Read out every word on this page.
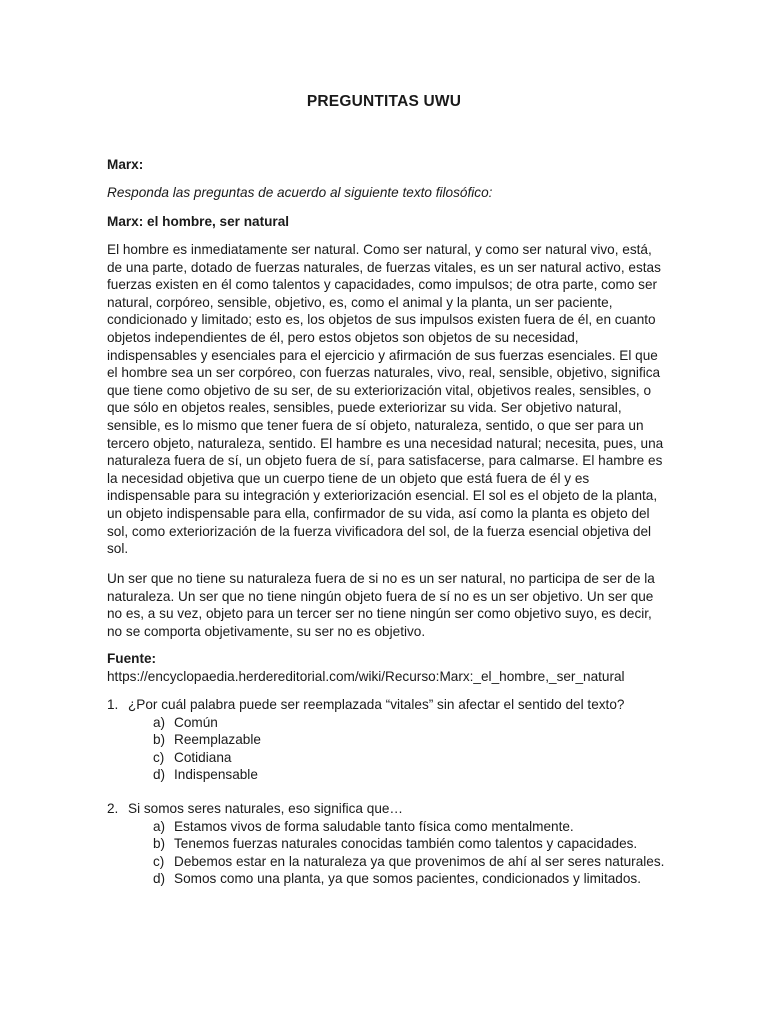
PREGUNTITAS UWU
Marx:
Responda las preguntas de acuerdo al siguiente texto filosófico:
Marx: el hombre, ser natural

El hombre es inmediatamente ser natural. Como ser natural, y como ser natural vivo, está, de una parte, dotado de fuerzas naturales, de fuerzas vitales, es un ser natural activo, estas fuerzas existen en él como talentos y capacidades, como impulsos; de otra parte, como ser natural, corpóreo, sensible, objetivo, es, como el animal y la planta, un ser paciente, condicionado y limitado; esto es, los objetos de sus impulsos existen fuera de él, en cuanto objetos independientes de él, pero estos objetos son objetos de su necesidad, indispensables y esenciales para el ejercicio y afirmación de sus fuerzas esenciales. El que el hombre sea un ser corpóreo, con fuerzas naturales, vivo, real, sensible, objetivo, significa que tiene como objetivo de su ser, de su exteriorización vital, objetivos reales, sensibles, o que sólo en objetos reales, sensibles, puede exteriorizar su vida. Ser objetivo natural, sensible, es lo mismo que tener fuera de sí objeto, naturaleza, sentido, o que ser para un tercero objeto, naturaleza, sentido. El hambre es una necesidad natural; necesita, pues, una naturaleza fuera de sí, un objeto fuera de sí, para satisfacerse, para calmarse. El hambre es la necesidad objetiva que un cuerpo tiene de un objeto que está fuera de él y es indispensable para su integración y exteriorización esencial. El sol es el objeto de la planta, un objeto indispensable para ella, confirmador de su vida, así como la planta es objeto del sol, como exteriorización de la fuerza vivificadora del sol, de la fuerza esencial objetiva del sol.

Un ser que no tiene su naturaleza fuera de si no es un ser natural, no participa de ser de la naturaleza. Un ser que no tiene ningún objeto fuera de sí no es un ser objetivo. Un ser que no es, a su vez, objeto para un tercer ser no tiene ningún ser como objetivo suyo, es decir, no se comporta objetivamente, su ser no es objetivo.

Fuente:
https://encyclopaedia.herdereditorial.com/wiki/Recurso:Marx:_el_hombre,_ser_natural
1. ¿Por cuál palabra puede ser reemplazada “vitales” sin afectar el sentido del texto?
a) Común
b) Reemplazable
c) Cotidiana
d) Indispensable
2. Si somos seres naturales, eso significa que…
a) Estamos vivos de forma saludable tanto física como mentalmente.
b) Tenemos fuerzas naturales conocidas también como talentos y capacidades.
c) Debemos estar en la naturaleza ya que provenimos de ahí al ser seres naturales.
d) Somos como una planta, ya que somos pacientes, condicionados y limitados.
